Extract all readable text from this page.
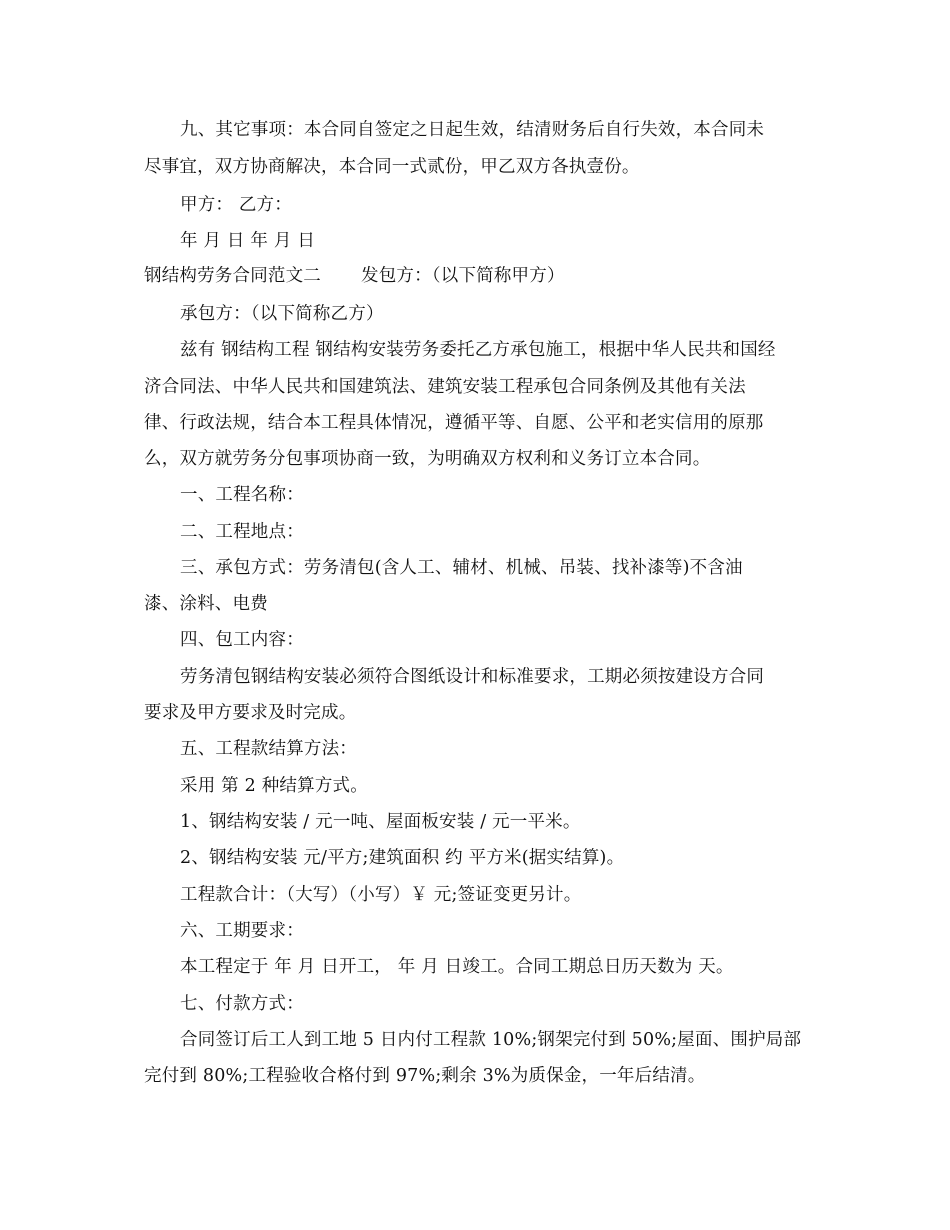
九、其它事项：本合同自签定之日起生效，结清财务后自行失效，本合同未
尽事宜，双方协商解决，本合同一式贰份，甲乙双方各执壹份。
甲方： 乙方：
年 月 日 年 月 日
钢结构劳务合同范文二 发包方：（以下简称甲方）
承包方：（以下简称乙方）
兹有 钢结构工程 钢结构安装劳务委托乙方承包施工，根据中华人民共和国经
济合同法、中华人民共和国建筑法、建筑安装工程承包合同条例及其他有关法
律、行政法规，结合本工程具体情况，遵循平等、自愿、公平和老实信用的原那
么，双方就劳务分包事项协商一致，为明确双方权利和义务订立本合同。
一、工程名称：
二、工程地点：
三、承包方式：劳务清包(含人工、辅材、机械、吊装、找补漆等)不含油
漆、涂料、电费
四、包工内容：
劳务清包钢结构安装必须符合图纸设计和标准要求，工期必须按建设方合同
要求及甲方要求及时完成。
五、工程款结算方法：
采用 第 2 种结算方式。
1、钢结构安装 / 元一吨、屋面板安装 / 元一平米。
2、钢结构安装 元/平方;建筑面积 约 平方米(据实结算)。
工程款合计：（大写）（小写）￥ 元;签证变更另计。
六、工期要求：
本工程定于 年 月 日开工， 年 月 日竣工。合同工期总日历天数为 天。
七、付款方式：
合同签订后工人到工地 5 日内付工程款 10%;钢架完付到 50%;屋面、围护局部
完付到 80%;工程验收合格付到 97%;剩余 3%为质保金，一年后结清。
